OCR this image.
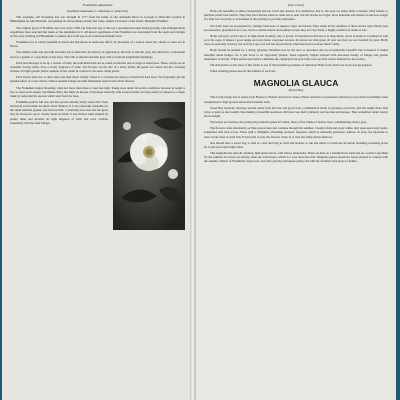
Franklinia alatamaha

(Gordonia alatamaha, G. Altamaha, G. pubescens)

This exquisite, fall flowering tree was brought in 1777 from the banks of the Altamaha River in Georgia to Bartram's Garden in Philadelphia by John Bartram, recognizing its extraordinary beauty and value, named it in honor of his friend, Benjamin Franklin.

The original grove of Franklin trees was cut in 1790, but from that day to this not a specimen has been found growing wild although many expeditions have searched the banks of the Altamaha for it. All known specimens of the Franklinia are descended from the seeds and cuttings of this early planting in Philadelphia a century and a half ago in an overlooked middle lawn.

Franklinia tree is rarely beautiful in detail and marvelous in landscape effect; its blossoms of a season when few shrubs or trees are in flower.

The slender trunk and graceful branches are as muscular and sinewy in appearance; the bark is smooth, gray and attractive; a handsome tree for a garden or a specimen on the lawn. The bark is smooth and dark gray with occasional longitudinal markings.

Each bud develops at its tip a cluster of buds; the individual buds are as round as marbles and as large as small peas. These, which are an exquisite creamy white, have a lovely fragrance of wine. The flowers are the size of a silver dollar; the petals are curled and the crowning clusters of bright golden yellow stamens in the center in contrast to the snow white petals.

Each flower lasts two or three days and then drops cleanly. There is a constant succession of bloom till hard frost. We frequently get the unusual effect of a tree clad in crimson autumn foliage and still abundantly starred with white flowers.

The Franklinia begins blooming when not more than three or four feet high. Young trees under favorable conditions increase in height a foot or more each season. Specimens thirty feet high are known. It develops naturally with several trunks, but may easily be trained to a single trunk by removing the sprouts which start from the base.

Franklinia prefers full sun and has proven entirely hardy about New York and hardy in favorable locations above Boston. It is not especially desirable for the small intimate garden, and lived in N.B. a charming lawn tree and the grass may be allowed to grow closely about its trunk. It also thrives when planted by ponds, lakes and streams. Its light elegance of form and color contrast exquisitely with the dark foliage.

(See Cover)

Holly, the beautiful, is almost universally known, loved and desired. It is distinctive, that is, the trees are either male or female. Only female or pistillate plants bear berries. They may have berries when no male tree is near, but the berries are larger, more abundant and remain on the trees longer if a male tree is nearby or is included in the planting to provide pollination.

Our holly trees are propagated by cuttings from trees of superior vigor and beauty. They retain all the qualities of those choice trees. Holly trees are nonnative, guaranteed as to sex, and for central eastern and southern states, they are very hardy, a highly satisfactory shrub or tree.

Holly will grow well in sun or in light shade in sandy, clay or gravel. It luxuriates in full sun or in deep shade, and is at home in woodland as well as in the open. It makes a good hedge and even better evergreen screens. Its leaves are dark green all year and they are not troubled by pests. Holly trees are generally in heavy use as from Cape Cod and has proven hardy when moved in locations much colder.

Holly should be planted for a living, glowing Christmas tree by the door or anywhere that an exceptionally beautiful tree is desired. It makes beautiful dense hedges, for it just loves to be vigorously pruned. Trees regularly clipped respond with increased beauty of foliage and greater abundance of berries. When pruned just before Christmas the clippings from your holly trees provide choice material for decoration.

The illustration on the front of this folder is one of the beautiful specimens of American Holly from which our stock was propagated.

When ordering please specify the number of each sex.

MAGNOLIA GLAUCA

(Sweet Bay)

This lovely bushy tree is native from Boston to Florida and west to Texas. Plants started in our nurseries with heavy roots thrive beautifully when transplanted to high ground and in much harsher soils.

Sweet Bay naturally develops several stems from the base and grows into a symmetrical shrub of pleasing oval form, with the height more than twice as great as the breadth; thus making a beautiful specimen. Old trees lose their symmetry and become picturesque. They sometimes attain twenty feet in height.

The leaves are lustrous, the young twigs emerald green all winter; those of the trunks of mature trees, a shimmering silvery grey.

The flowers come abundantly on May-grown trees and continue through the summer. Creamy white and waxy-white, they open upon leafy stems, sometimes half inch across. These spill a delightful, refreshing aromatic fragrance which is unusually persistent. Almost all trees, the blossoms to show in late June or early July. Even in the woods, the flowers clean, in or near the damp and in shadows.

One should have a sweet bay, to tend or a leaf and twig to twirl and breathe, to rub and smell, to brush and its lemon breathing spreading in the air to the broad and bright cheer.

This magnolia has smooth, leathery, light green leaves, with silvery undersides. These are held on a beautiful tree form and are a perfect specimen for the summer. Its leaves are silvery when the wind blows, which is a very attractive trait. Magnolia glauca should be freely planted to contrast with the autumn crimson of Franklinia, dogwoods, and other glowing deciduous plants and with the steadfast dark green of hollies.
